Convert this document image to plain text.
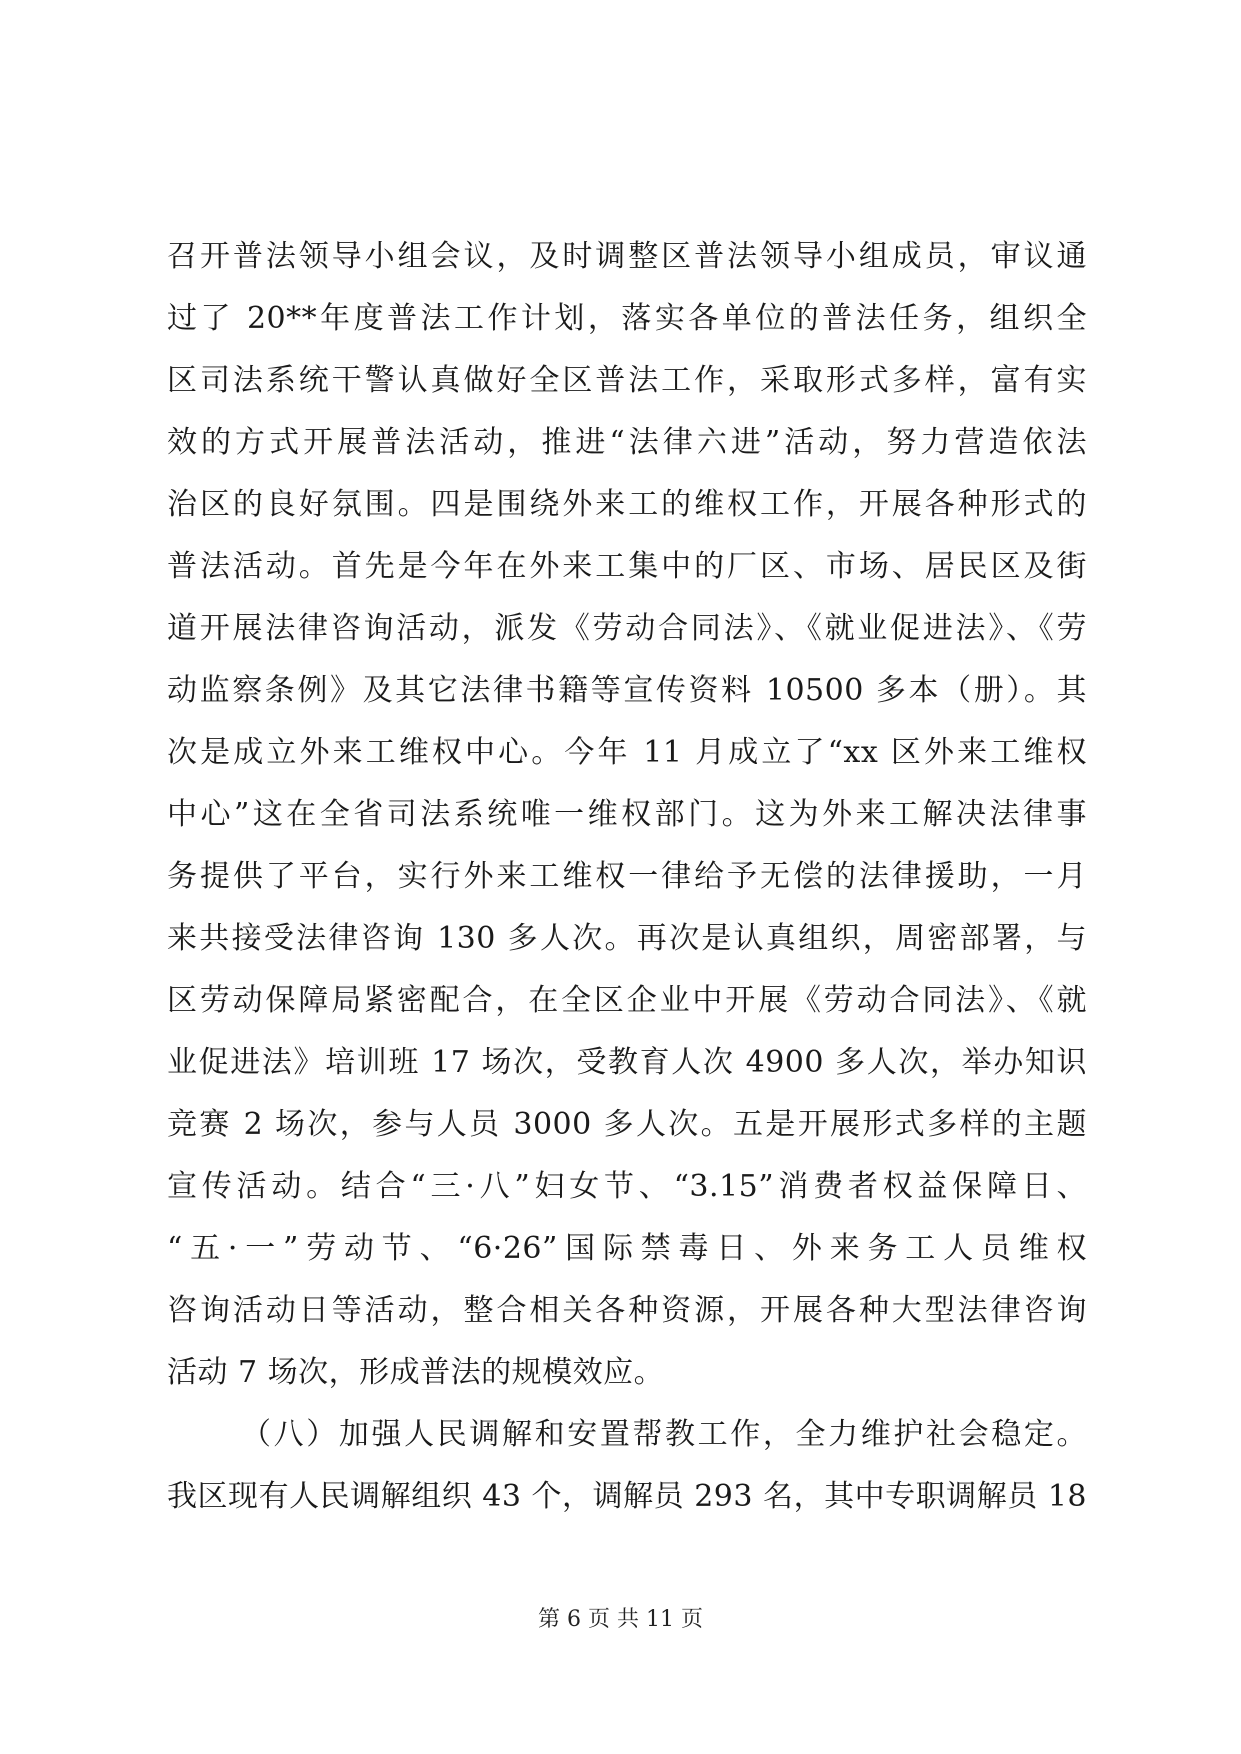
召开普法领导小组会议，及时调整区普法领导小组成员，审议通
过了 20**年度普法工作计划，落实各单位的普法任务，组织全
区司法系统干警认真做好全区普法工作，采取形式多样，富有实
效的方式开展普法活动，推进“法律六进”活动，努力营造依法
治区的良好氛围。四是围绕外来工的维权工作，开展各种形式的
普法活动。首先是今年在外来工集中的厂区、市场、居民区及街
道开展法律咨询活动，派发《劳动合同法》、《就业促进法》、《劳
动监察条例》及其它法律书籍等宣传资料 10500 多本（册）。其
次是成立外来工维权中心。今年 11 月成立了“xx 区外来工维权
中心”这在全省司法系统唯一维权部门。这为外来工解决法律事
务提供了平台，实行外来工维权一律给予无偿的法律援助，一月
来共接受法律咨询 130 多人次。再次是认真组织，周密部署，与
区劳动保障局紧密配合，在全区企业中开展《劳动合同法》、《就
业促进法》培训班 17 场次，受教育人次 4900 多人次，举办知识
竞赛 2 场次，参与人员 3000 多人次。五是开展形式多样的主题
宣传活动。结合“三·八”妇女节、“3.15”消费者权益保障日、
“五·一”劳动节、“6·26”国际禁毒日、外来务工人员维权
咨询活动日等活动，整合相关各种资源，开展各种大型法律咨询
活动 7 场次，形成普法的规模效应。
（八）加强人民调解和安置帮教工作，全力维护社会稳定。
我区现有人民调解组织 43 个，调解员 293 名，其中专职调解员 18
第 6 页 共 11 页
